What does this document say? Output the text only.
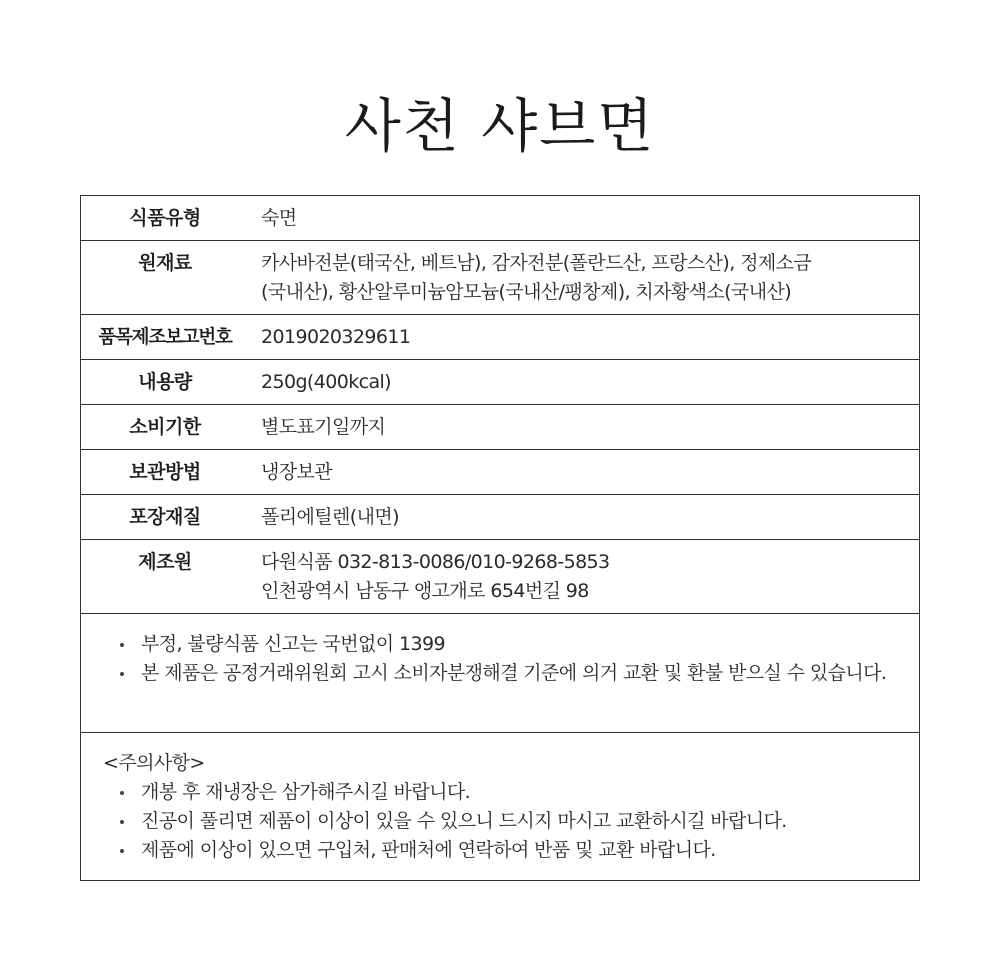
사천 샤브면
식품유형	숙면

원재료	카사바전분(태국산, 베트남), 감자전분(폴란드산, 프랑스산), 정제소금
(국내산), 황산알루미늄암모늄(국내산/팽창제), 치자황색소(국내산)

품목제조보고번호	2019020329611

내용량	250g(400kcal)

소비기한	별도표기일까지

보관방법	냉장보관

포장재질	폴리에틸렌(내면)

제조원	다원식품 032-813-0086/010-9268-5853
인천광역시 남동구 앵고개로 654번길 98

부정, 불량식품 신고는 국번없이 1399
본 제품은 공정거래위원회 고시 소비자분쟁해결 기준에 의거 교환 및 환불 받으실 수 있습니다.

<주의사항>
개봉 후 재냉장은 삼가해주시길 바랍니다.
진공이 풀리면 제품이 이상이 있을 수 있으니 드시지 마시고 교환하시길 바랍니다.
제품에 이상이 있으면 구입처, 판매처에 연락하여 반품 및 교환 바랍니다.
